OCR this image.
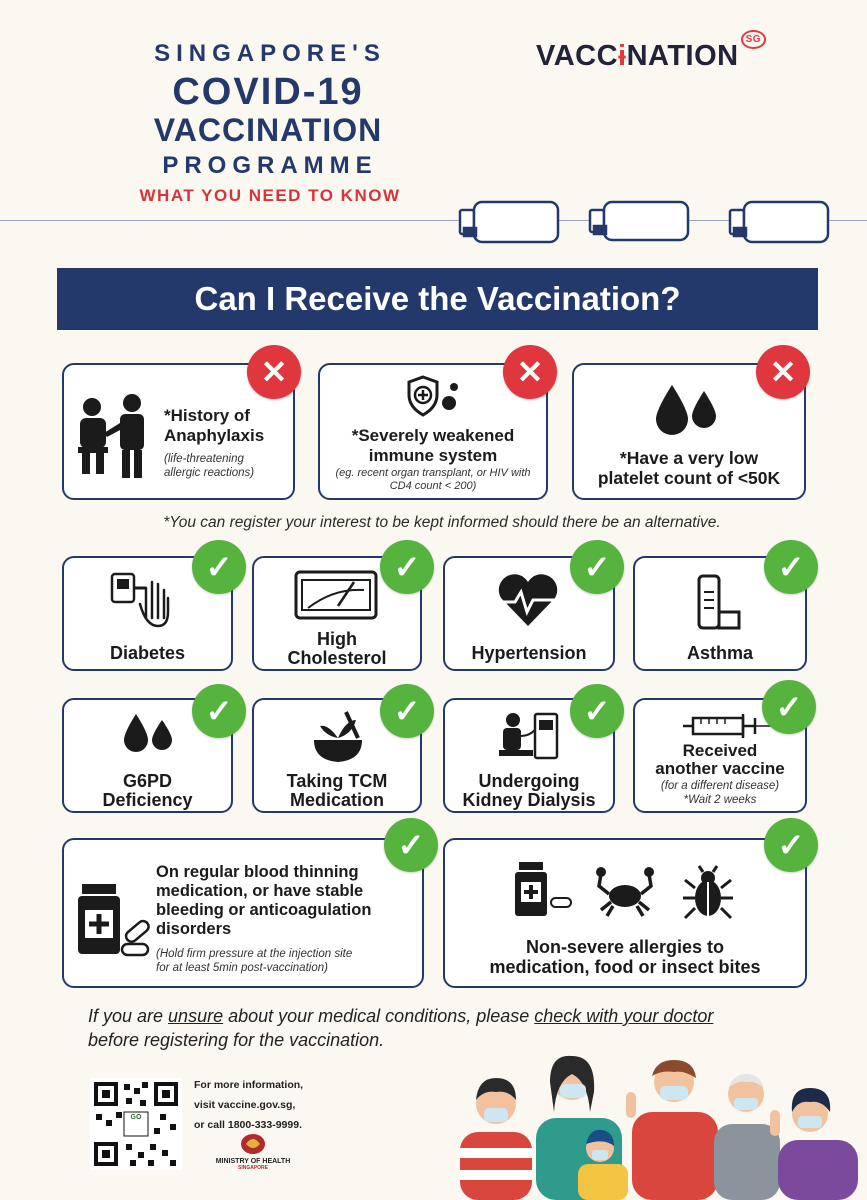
SINGAPORE'S
COVID-19
VACCINATION
PROGRAMME
WHAT YOU NEED TO KNOW
VACCɨNATION$^{SG}$
Can I Receive the Vaccination?
*History of
Anaphylaxis
(life-threatening allergic reactions)
✕
*Severely weakened
immune system
(eg. recent organ transplant, or HIV with CD4 count < 200)
✕
*Have a very low
platelet count of <50K
✕
*You can register your interest to be kept informed should there be an alternative.
Diabetes
✓
High
Cholesterol
✓
Hypertension
✓
Asthma
✓
G6PD
Deficiency
✓
Taking TCM
Medication
✓
Undergoing
Kidney Dialysis
✓
Received
another vaccine
(for a different disease)
*Wait 2 weeks
✓
On regular blood thinning
medication, or have stable
bleeding or anticoagulation
disorders
(Hold firm pressure at the injection site
for at least 5min post-vaccination)
✓
Non-severe allergies to
medication, food or insect bites
✓
If you are unsure about your medical conditions, please check with your doctor
before registering for the vaccination.
GO
For more information,
visit vaccine.gov.sg,
or call 1800-333-9999.
MINISTRY OF HEALTH
SINGAPORE
